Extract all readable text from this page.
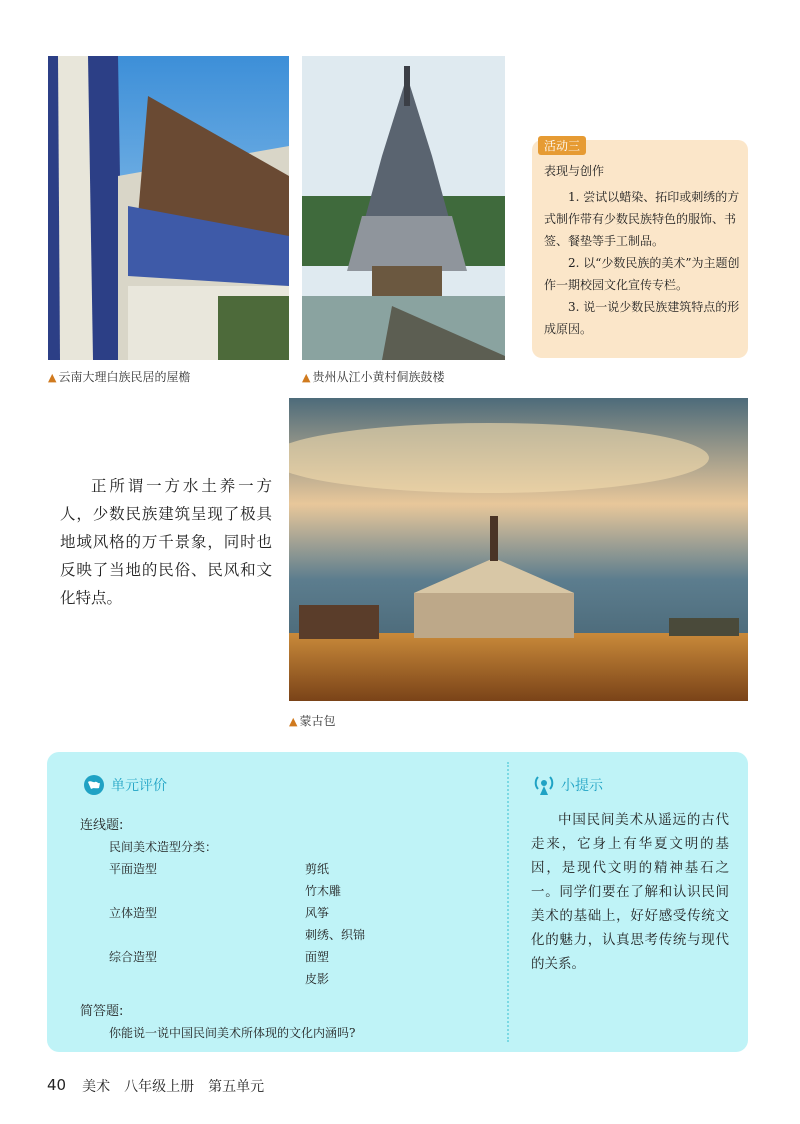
▲ 云南大理白族民居的屋檐	▲ 贵州从江小黄村侗族鼓楼
活动三
表现与创作

1. 尝试以蜡染、拓印或刺绣的方式制作带有少数民族特色的服饰、书签、餐垫等手工制品。

2. 以“少数民族的美术”为主题创作一期校园文化宣传专栏。

3. 说一说少数民族建筑特点的形成原因。

正所谓一方水土养一方人，少数民族建筑呈现了极具地域风格的万千景象，同时也反映了当地的民俗、民风和文化特点。

▲ 蒙古包
单元评价
连线题:
民间美术造型分类：
平面造型
立体造型
综合造型
剪纸
竹木雕
风筝
刺绣、织锦
面塑
皮影
简答题:
你能说一说中国民间美术所体现的文化内涵吗?
小提示

中国民间美术从遥远的古代走来，它身上有华夏文明的基因，是现代文明的精神基石之一。同学们要在了解和认识民间美术的基础上，好好感受传统文化的魅力，认真思考传统与现代的关系。

40 美术 八年级上册 第五单元
